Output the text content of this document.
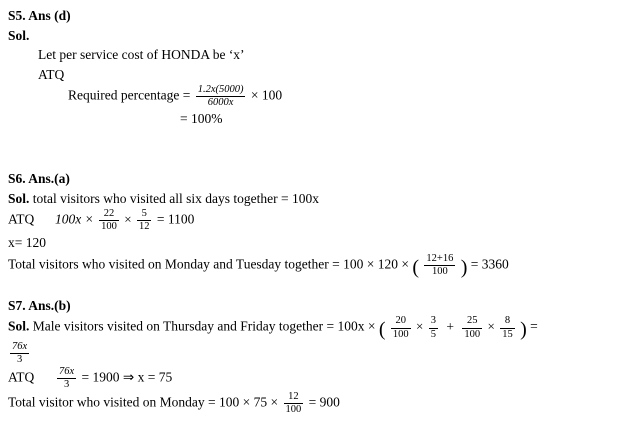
S5. Ans (d)
Sol.
Let per service cost of HONDA be ‘x’
ATQ
Required percentage = $\frac{1.2x(5000)}{6000x} \times 100$
= 100%
S6. Ans.(a)
Sol. total visitors who visited all six days together = 100x
ATQ $100x \times \frac{22}{100} \times \frac{5}{12} = 1100$
x= 120
Total visitors who visited on Monday and Tuesday together = 100 × 120 × ( $\frac{12+16}{100}$ ) = 3360
S7. Ans.(b)
Sol. Male visitors visited on Thursday and Friday together = 100x × ( $\frac{20}{100} \times \frac{3}{5} + \frac{25}{100} \times \frac{8}{15}$ ) =
$\frac{76x}{3}$
ATQ $\frac{76x}{3} = 1900$ ⇒ x = 75
Total visitor who visited on Monday = $100 \times 75 \times \frac{12}{100} = 900$
